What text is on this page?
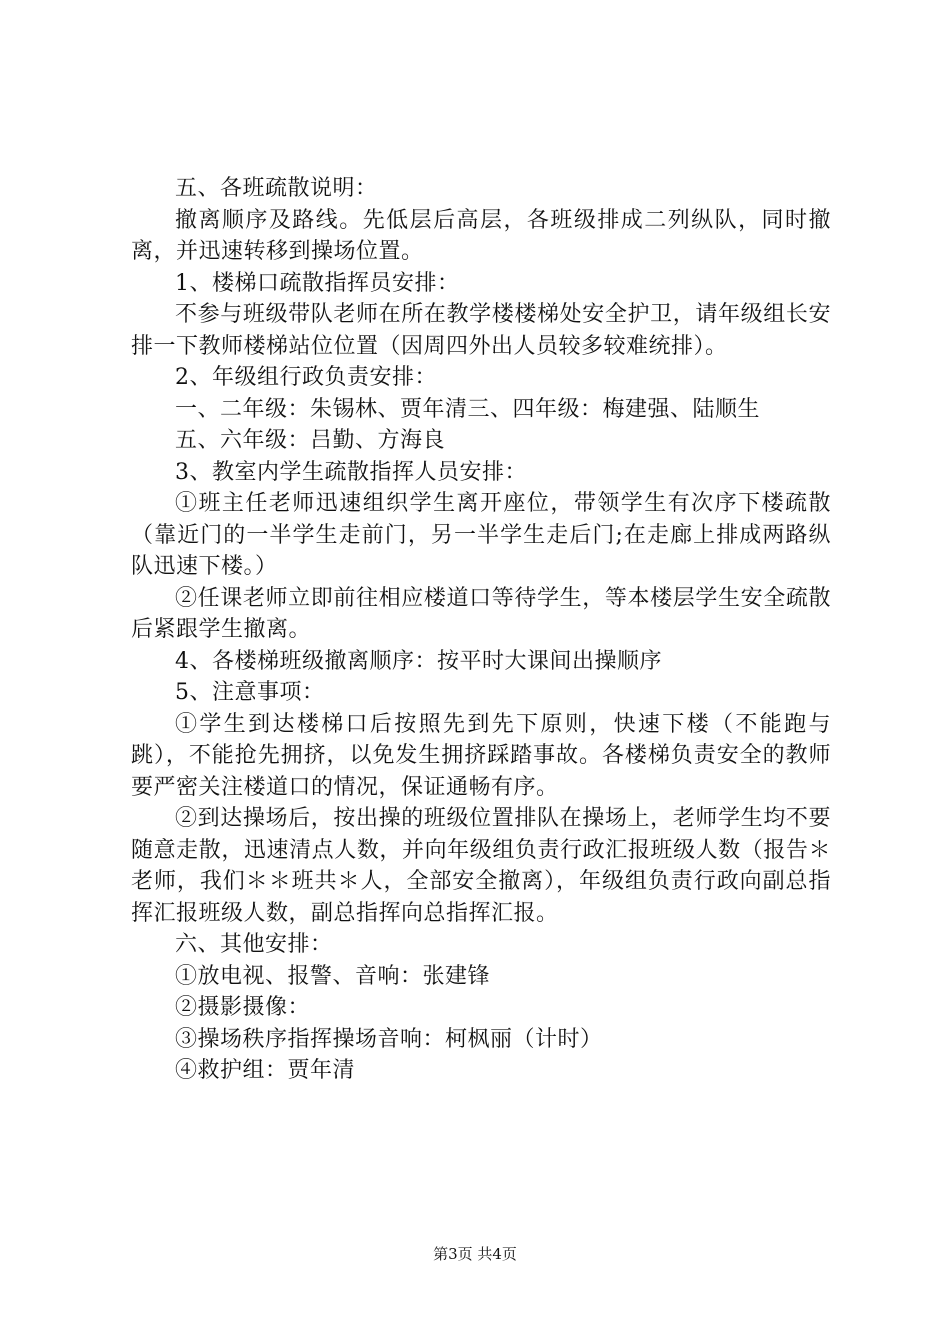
五、各班疏散说明：

撤离顺序及路线。先低层后高层，各班级排成二列纵队，同时撤离，并迅速转移到操场位置。

1、楼梯口疏散指挥员安排：

不参与班级带队老师在所在教学楼楼梯处安全护卫，请年级组长安排一下教师楼梯站位位置（因周四外出人员较多较难统排）。

2、年级组行政负责安排：

一、二年级：朱锡林、贾年清三、四年级：梅建强、陆顺生

五、六年级：吕勤、方海良

3、教室内学生疏散指挥人员安排：

①班主任老师迅速组织学生离开座位，带领学生有次序下楼疏散（靠近门的一半学生走前门，另一半学生走后门;在走廊上排成两路纵队迅速下楼。）

②任课老师立即前往相应楼道口等待学生，等本楼层学生安全疏散后紧跟学生撤离。

4、各楼梯班级撤离顺序：按平时大课间出操顺序

5、注意事项：

①学生到达楼梯口后按照先到先下原则，快速下楼（不能跑与跳），不能抢先拥挤，以免发生拥挤踩踏事故。各楼梯负责安全的教师要严密关注楼道口的情况，保证通畅有序。

②到达操场后，按出操的班级位置排队在操场上，老师学生均不要随意走散，迅速清点人数，并向年级组负责行政汇报班级人数（报告＊老师，我们＊＊班共＊人，全部安全撤离），年级组负责行政向副总指挥汇报班级人数，副总指挥向总指挥汇报。

六、其他安排：

①放电视、报警、音响：张建锋

②摄影摄像：

③操场秩序指挥操场音响：柯枫丽（计时）

④救护组：贾年清

第3页 共4页
